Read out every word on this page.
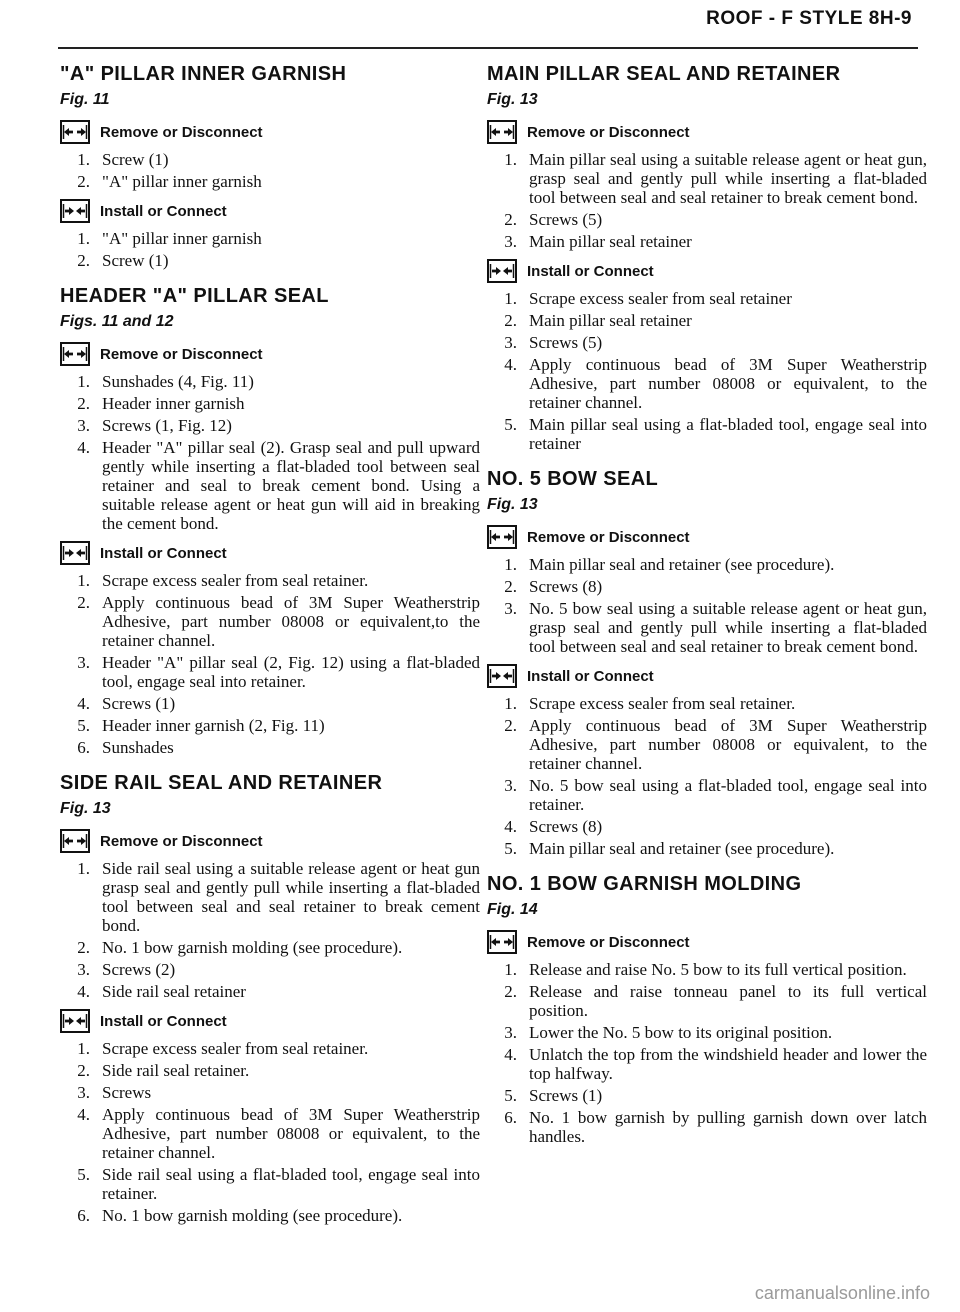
ROOF - F STYLE 8H-9
"A" PILLAR INNER GARNISH
Fig. 11
Remove or Disconnect
1. Screw (1)
2. "A" pillar inner garnish
Install or Connect
1. "A" pillar inner garnish
2. Screw (1)
HEADER "A" PILLAR SEAL
Figs. 11 and 12
Remove or Disconnect
1. Sunshades (4, Fig. 11)
2. Header inner garnish
3. Screws (1, Fig. 12)
4. Header "A" pillar seal (2). Grasp seal and pull upward gently while inserting a flat-bladed tool between seal retainer and seal to break cement bond. Using a suitable release agent or heat gun will aid in breaking the cement bond.
Install or Connect
1. Scrape excess sealer from seal retainer.
2. Apply continuous bead of 3M Super Weatherstrip Adhesive, part number 08008 or equivalent,to the retainer channel.
3. Header "A" pillar seal (2, Fig. 12) using a flat-bladed tool, engage seal into retainer.
4. Screws (1)
5. Header inner garnish (2, Fig. 11)
6. Sunshades
SIDE RAIL SEAL AND RETAINER
Fig. 13
Remove or Disconnect
1. Side rail seal using a suitable release agent or heat gun grasp seal and gently pull while inserting a flat-bladed tool between seal and seal retainer to break cement bond.
2. No. 1 bow garnish molding (see procedure).
3. Screws (2)
4. Side rail seal retainer
Install or Connect
1. Scrape excess sealer from seal retainer.
2. Side rail seal retainer.
3. Screws
4. Apply continuous bead of 3M Super Weatherstrip Adhesive, part number 08008 or equivalent, to the retainer channel.
5. Side rail seal using a flat-bladed tool, engage seal into retainer.
6. No. 1 bow garnish molding (see procedure).
MAIN PILLAR SEAL AND RETAINER
Fig. 13
Remove or Disconnect
1. Main pillar seal using a suitable release agent or heat gun, grasp seal and gently pull while inserting a flat-bladed tool between seal and seal retainer to break cement bond.
2. Screws (5)
3. Main pillar seal retainer
Install or Connect
1. Scrape excess sealer from seal retainer
2. Main pillar seal retainer
3. Screws (5)
4. Apply continuous bead of 3M Super Weatherstrip Adhesive, part number 08008 or equivalent, to the retainer channel.
5. Main pillar seal using a flat-bladed tool, engage seal into retainer
NO. 5 BOW SEAL
Fig. 13
Remove or Disconnect
1. Main pillar seal and retainer (see procedure).
2. Screws (8)
3. No. 5 bow seal using a suitable release agent or heat gun, grasp seal and gently pull while inserting a flat-bladed tool between seal and seal retainer to break cement bond.
Install or Connect
1. Scrape excess sealer from seal retainer.
2. Apply continuous bead of 3M Super Weatherstrip Adhesive, part number 08008 or equivalent, to the retainer channel.
3. No. 5 bow seal using a flat-bladed tool, engage seal into retainer.
4. Screws (8)
5. Main pillar seal and retainer (see procedure).
NO. 1 BOW GARNISH MOLDING
Fig. 14
Remove or Disconnect
1. Release and raise No. 5 bow to its full vertical position.
2. Release and raise tonneau panel to its full vertical position.
3. Lower the No. 5 bow to its original position.
4. Unlatch the top from the windshield header and lower the top halfway.
5. Screws (1)
6. No. 1 bow garnish by pulling garnish down over latch handles.
carmanualsonline.info
